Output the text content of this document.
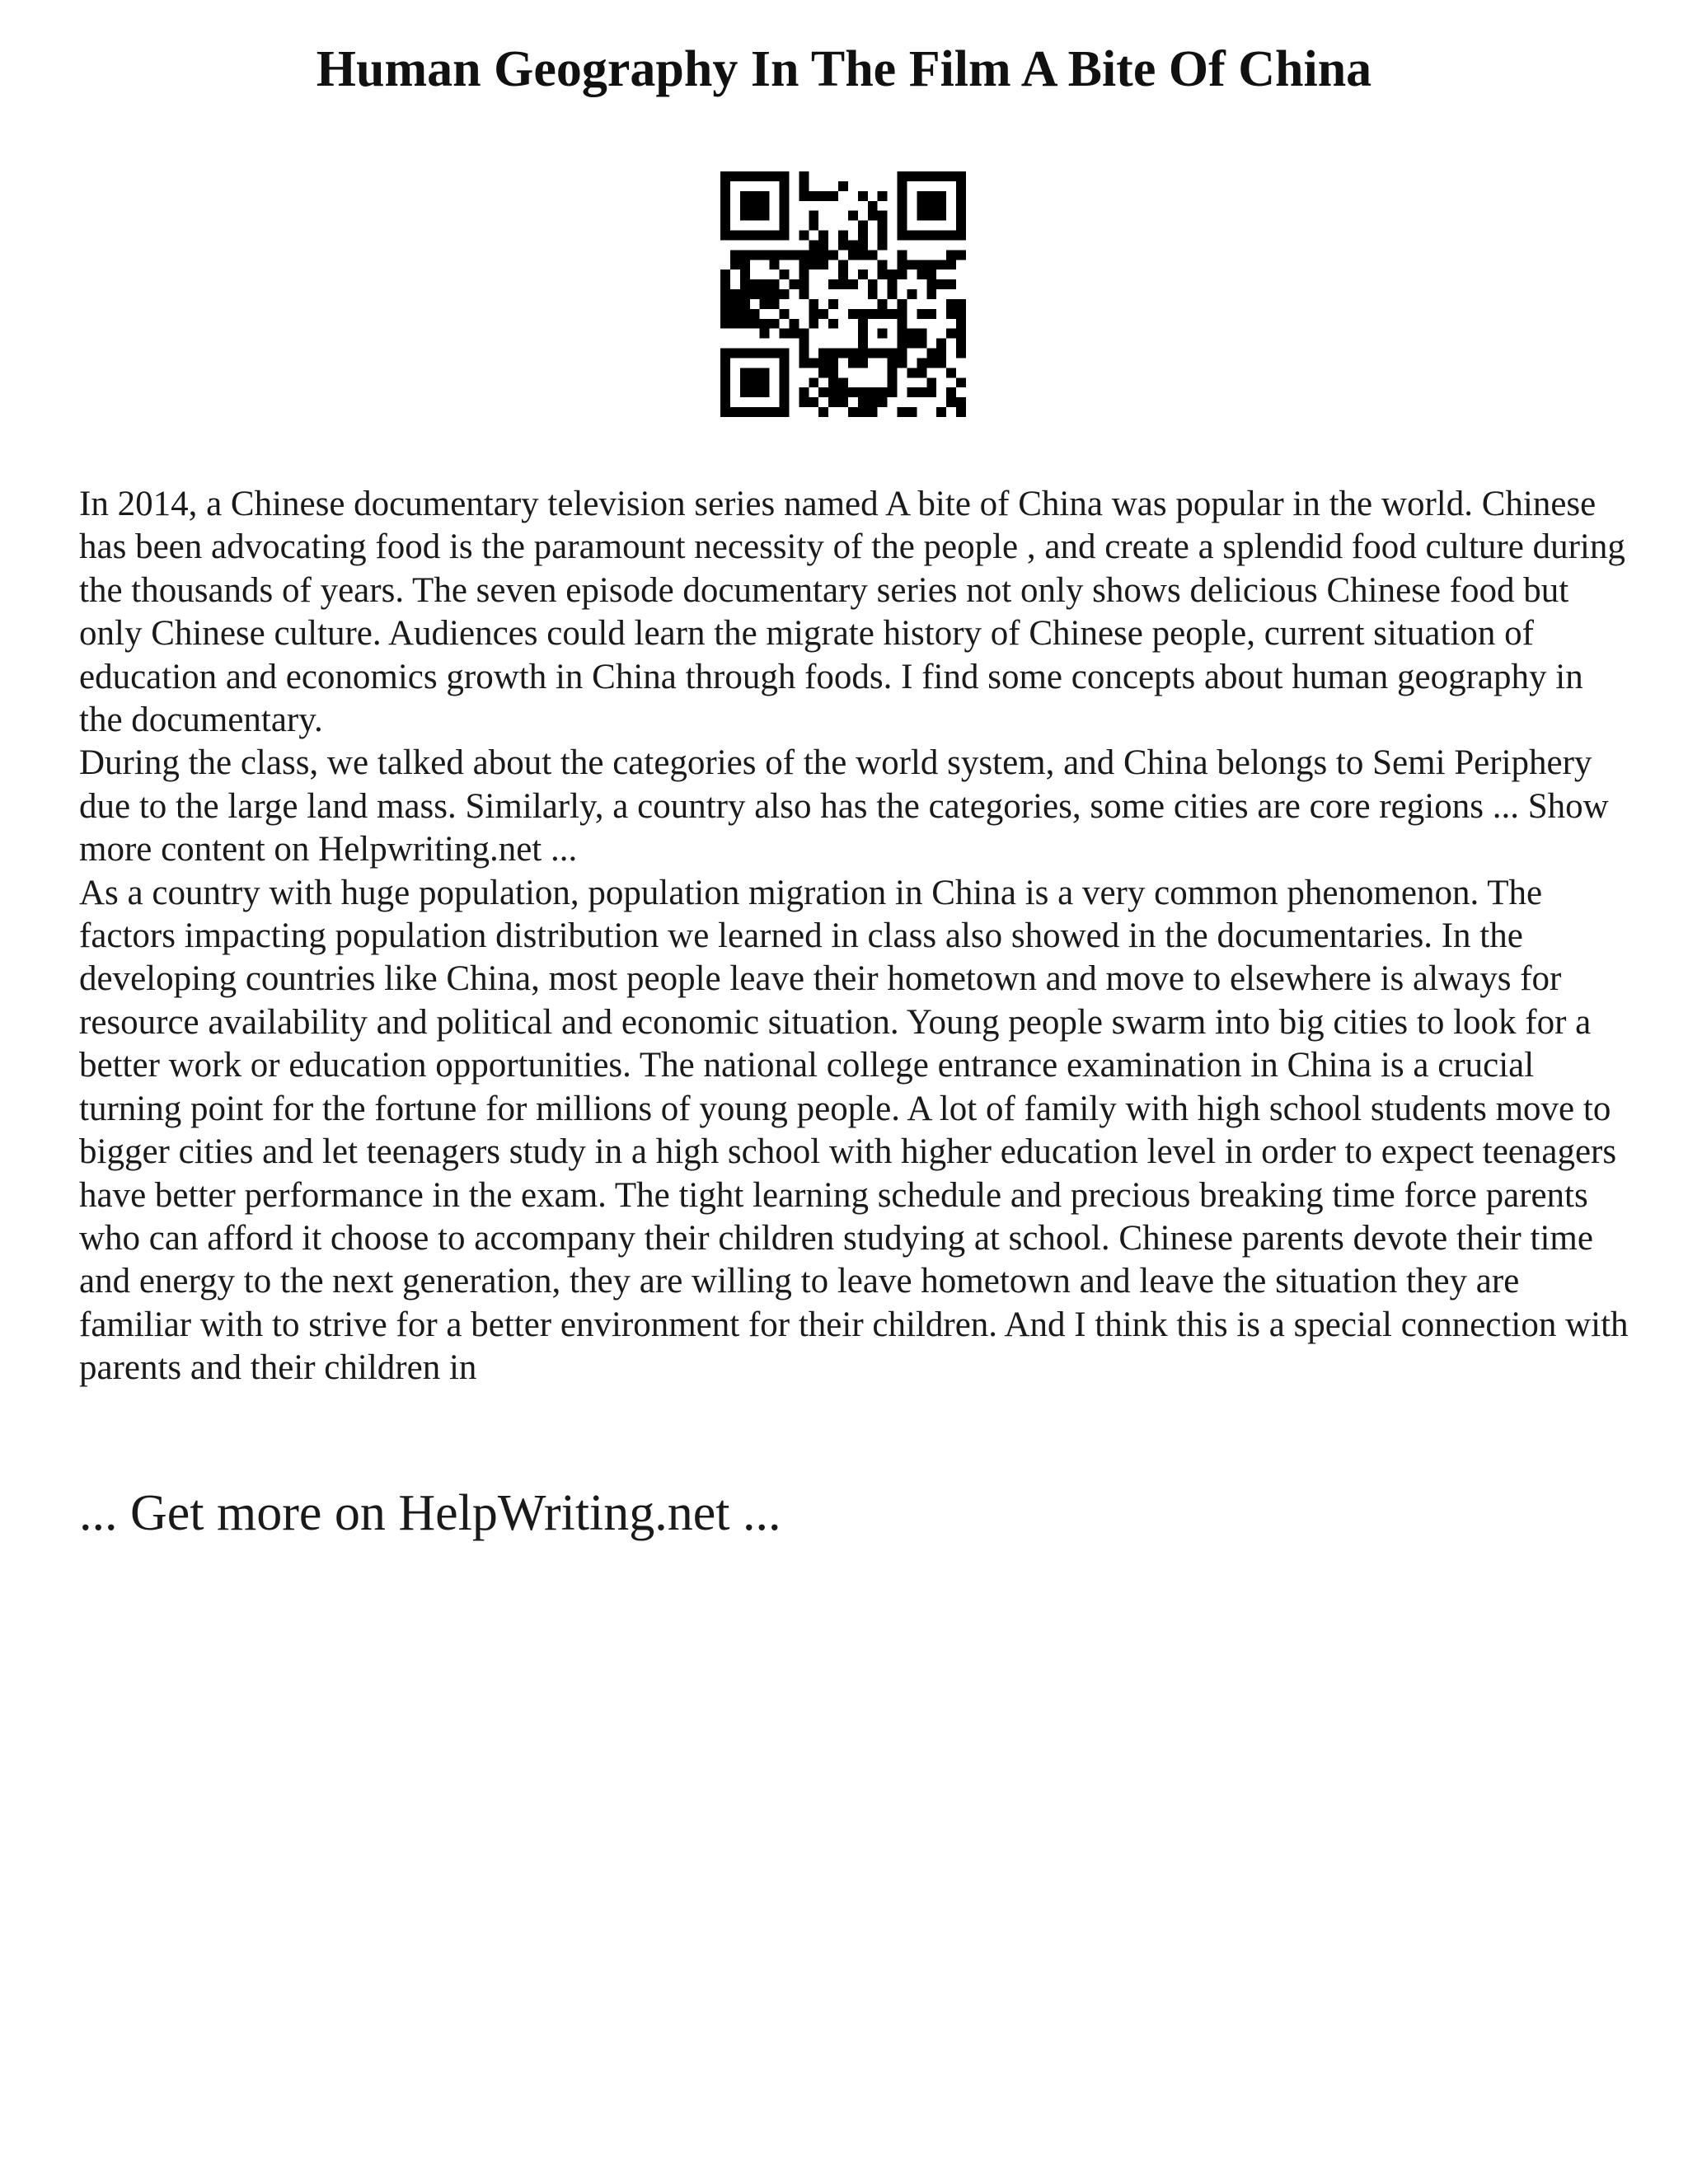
Human Geography In The Film A Bite Of China

In 2014, a Chinese documentary television series named A bite of China was popular in the world. Chinese has been advocating food is the paramount necessity of the people , and create a splendid food culture during the thousands of years. The seven episode documentary series not only shows delicious Chinese food but only Chinese culture. Audiences could learn the migrate history of Chinese people, current situation of education and economics growth in China through foods. I find some concepts about human geography in the documentary.

During the class, we talked about the categories of the world system, and China belongs to Semi Periphery due to the large land mass. Similarly, a country also has the categories, some cities are core regions ... Show more content on Helpwriting.net ...

As a country with huge population, population migration in China is a very common phenomenon. The factors impacting population distribution we learned in class also showed in the documentaries. In the developing countries like China, most people leave their hometown and move to elsewhere is always for resource availability and political and economic situation. Young people swarm into big cities to look for a better work or education opportunities. The national college entrance examination in China is a crucial turning point for the fortune for millions of young people. A lot of family with high school students move to bigger cities and let teenagers study in a high school with higher education level in order to expect teenagers have better performance in the exam. The tight learning schedule and precious breaking time force parents who can afford it choose to accompany their children studying at school. Chinese parents devote their time and energy to the next generation, they are willing to leave hometown and leave the situation they are familiar with to strive for a better environment for their children. And I think this is a special connection with parents and their children in

... Get more on HelpWriting.net ...
